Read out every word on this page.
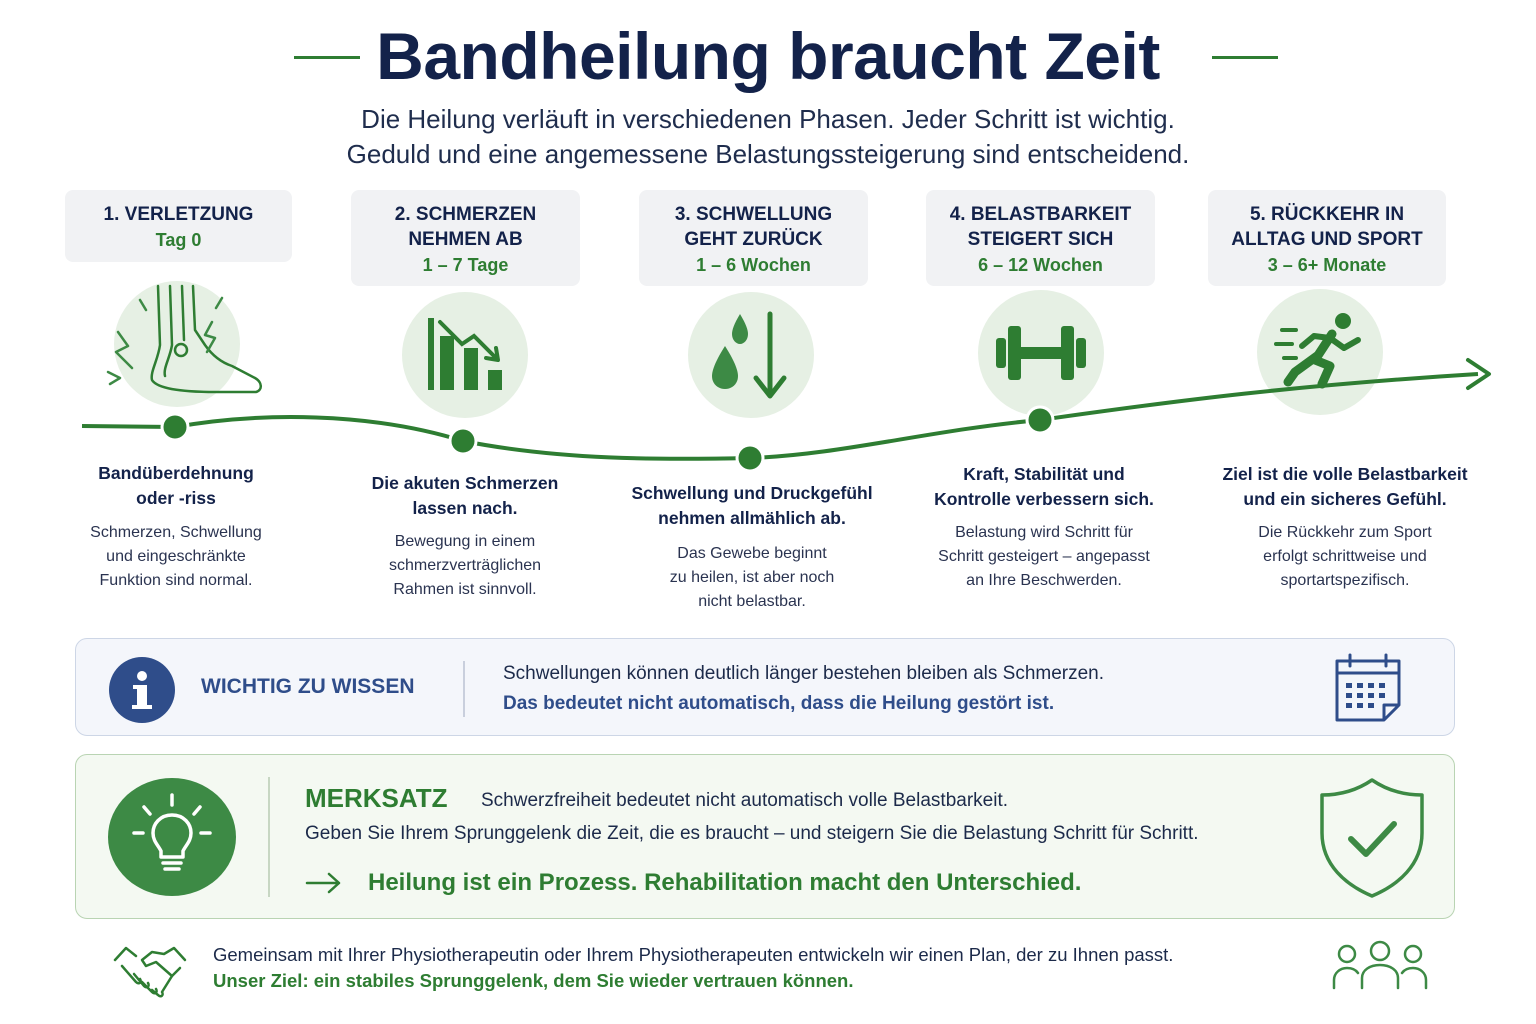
Bandheilung braucht Zeit
Die Heilung verläuft in verschiedenen Phasen. Jeder Schritt ist wichtig.
Geduld und eine angemessene Belastungssteigerung sind entscheidend.
1. VERLETZUNG
Tag 0
2. SCHMERZEN
NEHMEN AB
1 – 7 Tage
3. SCHWELLUNG
GEHT ZURÜCK
1 – 6 Wochen
4. BELASTBARKEIT
STEIGERT SICH
6 – 12 Wochen
5. RÜCKKEHR IN
ALLTAG UND SPORT
3 – 6+ Monate
Bandüberdehnung
oder -riss
Schmerzen, Schwellung
und eingeschränkte
Funktion sind normal.
Die akuten Schmerzen
lassen nach.
Bewegung in einem
schmerzverträglichen
Rahmen ist sinnvoll.
Schwellung und Druckgefühl
nehmen allmählich ab.
Das Gewebe beginnt
zu heilen, ist aber noch
nicht belastbar.
Kraft, Stabilität und
Kontrolle verbessern sich.
Belastung wird Schritt für
Schritt gesteigert – angepasst
an Ihre Beschwerden.
Ziel ist die volle Belastbarkeit
und ein sicheres Gefühl.
Die Rückkehr zum Sport
erfolgt schrittweise und
sportartspezifisch.
WICHTIG ZU WISSEN
Schwellungen können deutlich länger bestehen bleiben als Schmerzen.
Das bedeutet nicht automatisch, dass die Heilung gestört ist.
MERKSATZ Schwerzfreiheit bedeutet nicht automatisch volle Belastbarkeit.
Geben Sie Ihrem Sprunggelenk die Zeit, die es braucht – und steigern Sie die Belastung Schritt für Schritt.
Heilung ist ein Prozess. Rehabilitation macht den Unterschied.
Gemeinsam mit Ihrer Physiotherapeutin oder Ihrem Physiotherapeuten entwickeln wir einen Plan, der zu Ihnen passt.
Unser Ziel: ein stabiles Sprunggelenk, dem Sie wieder vertrauen können.
